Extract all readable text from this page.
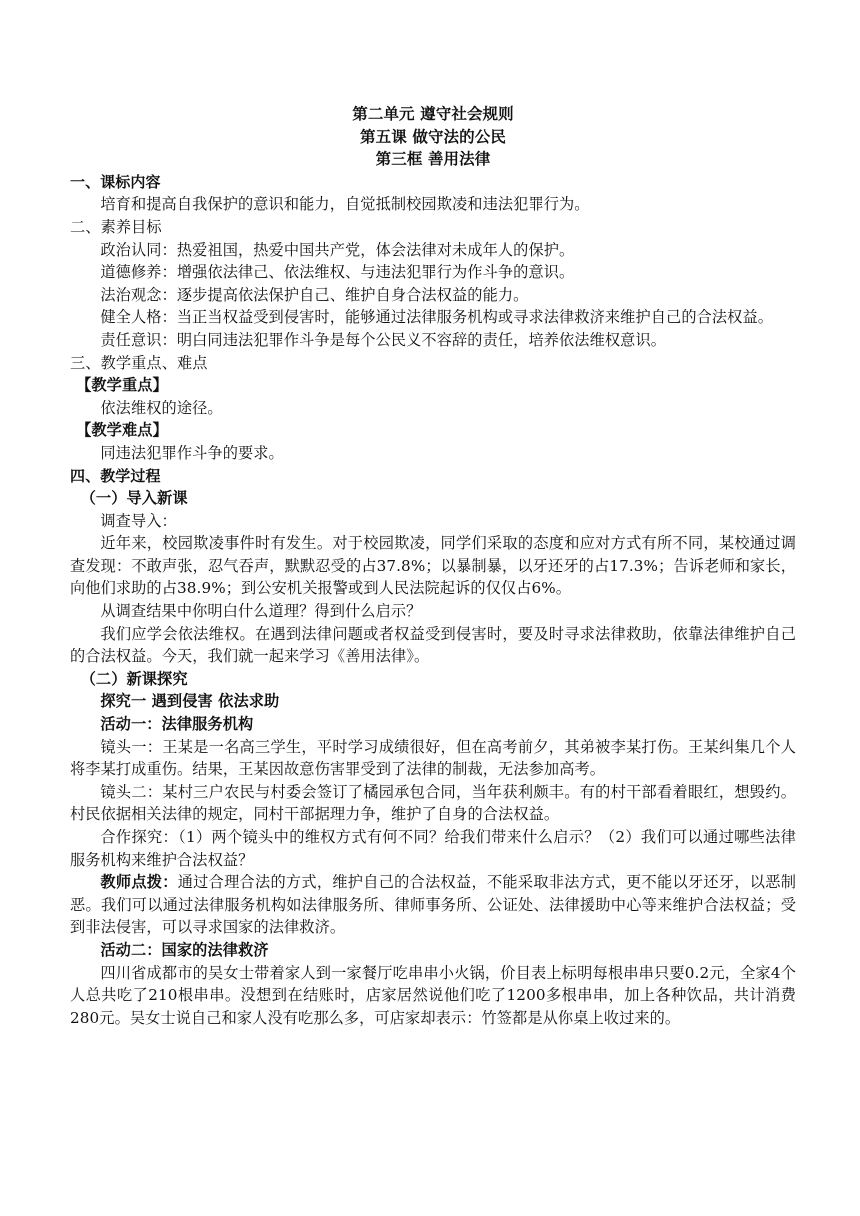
第二单元 遵守社会规则
第五课 做守法的公民
第三框 善用法律

一、课标内容

培育和提高自我保护的意识和能力，自觉抵制校园欺凌和违法犯罪行为。

二、素养目标

政治认同：热爱祖国，热爱中国共产党，体会法律对未成年人的保护。

道德修养：增强依法律己、依法维权、与违法犯罪行为作斗争的意识。

法治观念：逐步提高依法保护自己、维护自身合法权益的能力。

健全人格：当正当权益受到侵害时，能够通过法律服务机构或寻求法律救济来维护自己的合法权益。

责任意识：明白同违法犯罪作斗争是每个公民义不容辞的责任，培养依法维权意识。

三、教学重点、难点

【教学重点】

依法维权的途径。

【教学难点】

同违法犯罪作斗争的要求。

四、教学过程

（一）导入新课

调查导入：

近年来，校园欺凌事件时有发生。对于校园欺凌，同学们采取的态度和应对方式有所不同，某校通过调查发现：不敢声张，忍气吞声，默默忍受的占37.8%；以暴制暴，以牙还牙的占17.3%；告诉老师和家长，向他们求助的占38.9%；到公安机关报警或到人民法院起诉的仅仅占6%。

从调查结果中你明白什么道理？得到什么启示？

我们应学会依法维权。在遇到法律问题或者权益受到侵害时，要及时寻求法律救助，依靠法律维护自己的合法权益。今天，我们就一起来学习《善用法律》。

（二）新课探究

探究一 遇到侵害 依法求助

活动一：法律服务机构

镜头一：王某是一名高三学生，平时学习成绩很好，但在高考前夕，其弟被李某打伤。王某纠集几个人将李某打成重伤。结果，王某因故意伤害罪受到了法律的制裁，无法参加高考。

镜头二：某村三户农民与村委会签订了橘园承包合同，当年获利颇丰。有的村干部看着眼红，想毁约。村民依据相关法律的规定，同村干部据理力争，维护了自身的合法权益。

合作探究：（1）两个镜头中的维权方式有何不同？给我们带来什么启示？（2）我们可以通过哪些法律服务机构来维护合法权益？

教师点拨：通过合理合法的方式，维护自己的合法权益，不能采取非法方式，更不能以牙还牙，以恶制恶。我们可以通过法律服务机构如法律服务所、律师事务所、公证处、法律援助中心等来维护合法权益；受到非法侵害，可以寻求国家的法律救济。

活动二：国家的法律救济

四川省成都市的吴女士带着家人到一家餐厅吃串串小火锅，价目表上标明每根串串只要0.2元，全家4个人总共吃了210根串串。没想到在结账时，店家居然说他们吃了1200多根串串，加上各种饮品，共计消费280元。吴女士说自己和家人没有吃那么多，可店家却表示：竹签都是从你桌上收过来的。
